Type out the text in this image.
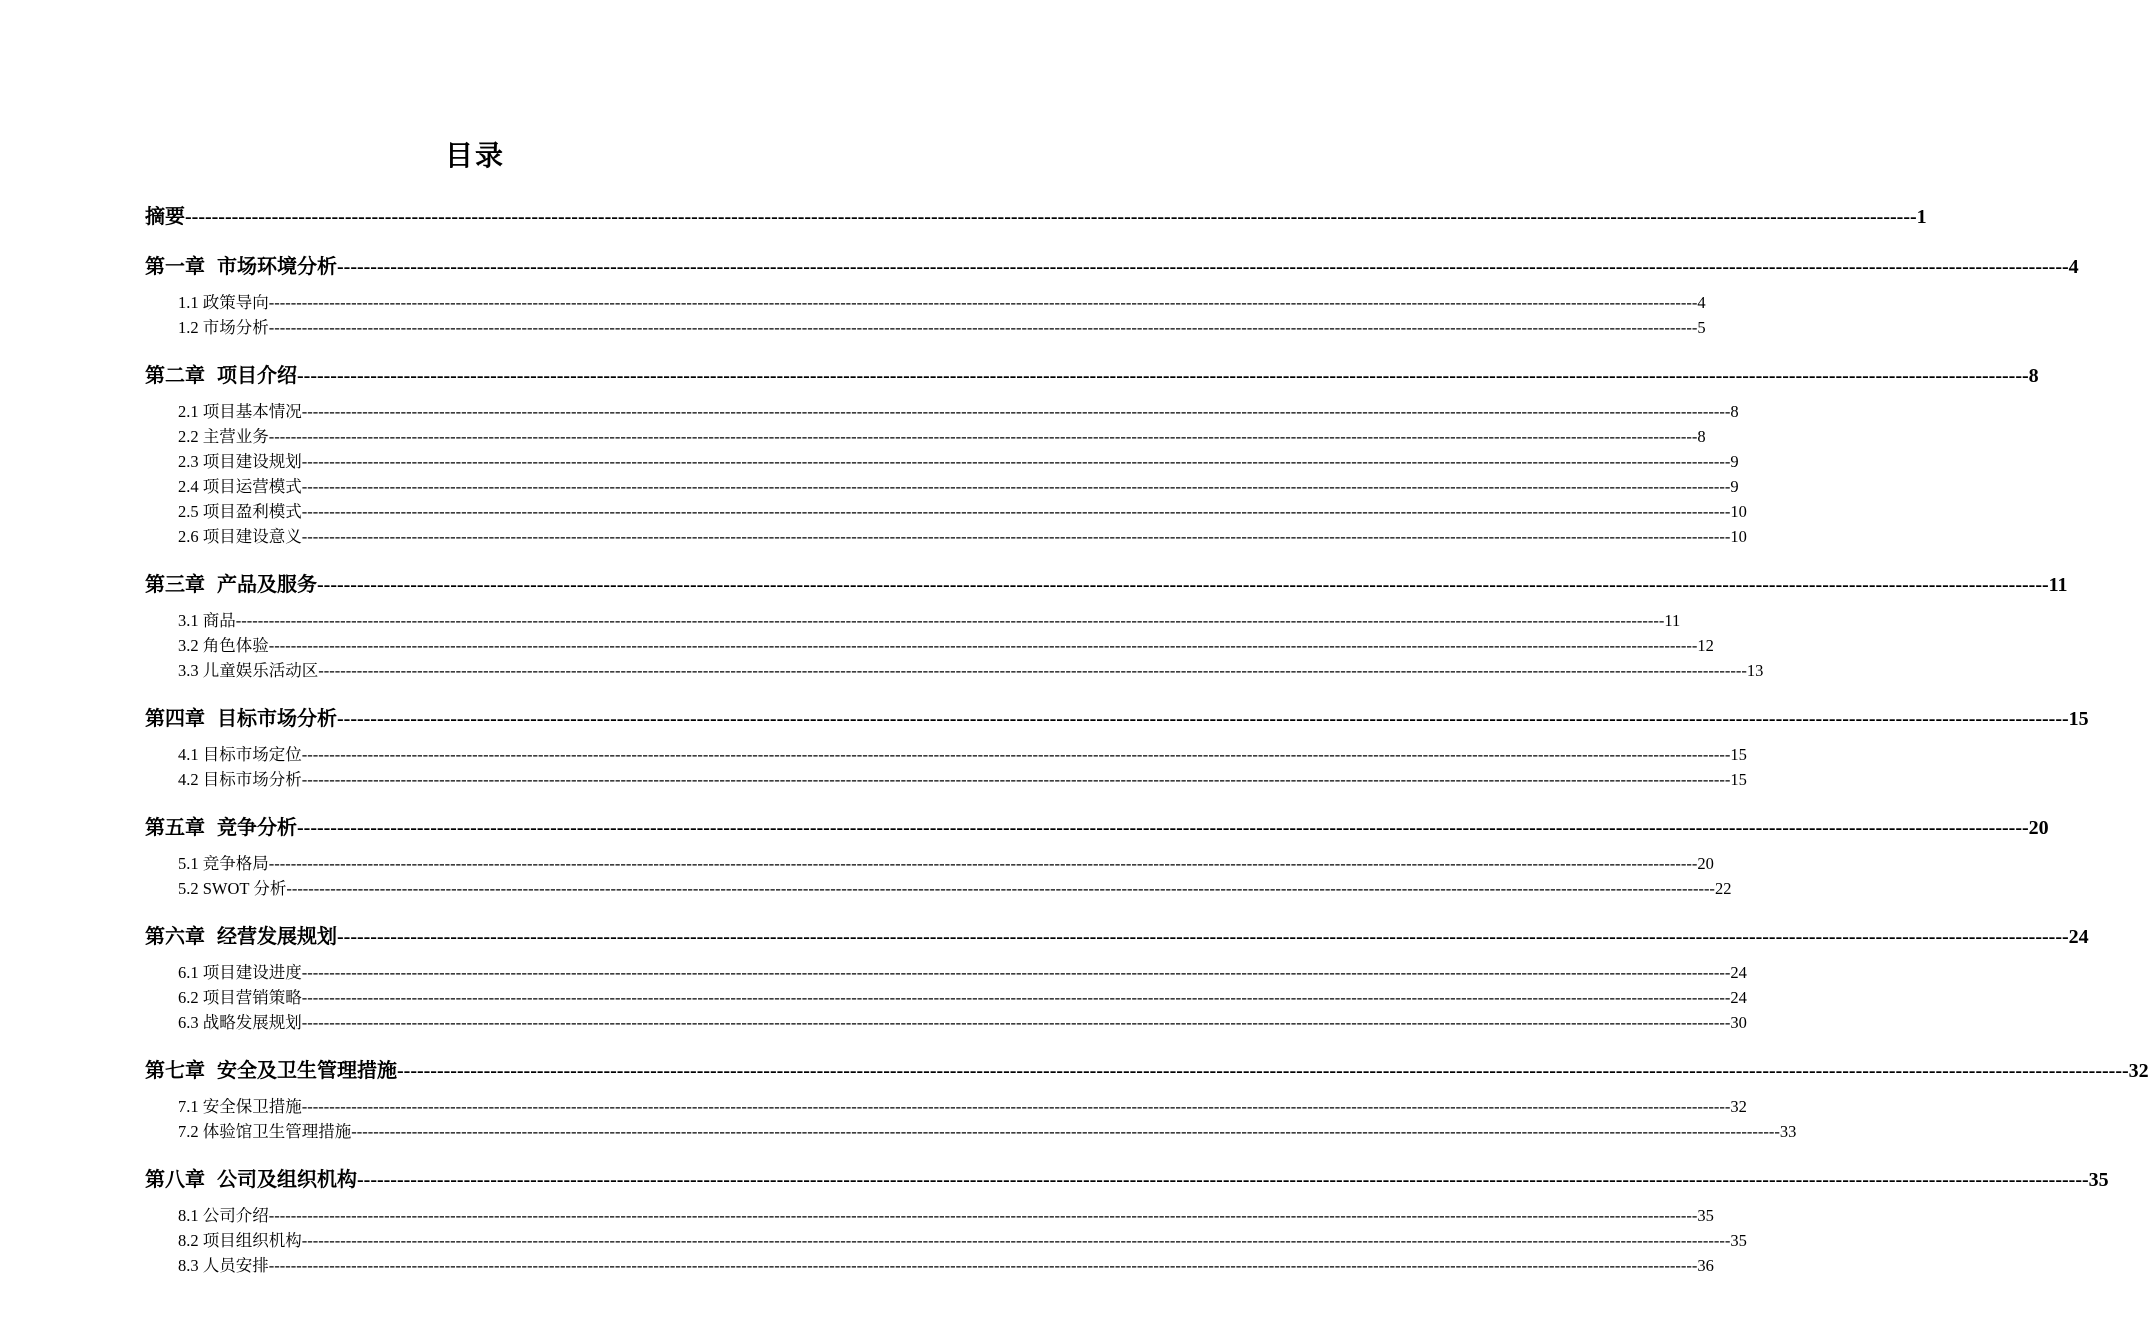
目录
摘要 -------------------------------------------------------------------------------------------------------------------------------------------------------------------------------------------------------------------------------------------------------------------- 1
第一章 市场环境分析 -------------------------------------------------------------------------------------------------------------------------------------------------------------------------------------------------------------------------------------------------------------------- 4
1.1 政策导向 -------------------------------------------------------------------------------------------------------------------------------------------------------------------------------------------------------------------------------------------------------------------- 4
1.2 市场分析 -------------------------------------------------------------------------------------------------------------------------------------------------------------------------------------------------------------------------------------------------------------------- 5
第二章 项目介绍 -------------------------------------------------------------------------------------------------------------------------------------------------------------------------------------------------------------------------------------------------------------------- 8
2.1 项目基本情况 -------------------------------------------------------------------------------------------------------------------------------------------------------------------------------------------------------------------------------------------------------------------- 8
2.2 主营业务 -------------------------------------------------------------------------------------------------------------------------------------------------------------------------------------------------------------------------------------------------------------------- 8
2.3 项目建设规划 -------------------------------------------------------------------------------------------------------------------------------------------------------------------------------------------------------------------------------------------------------------------- 9
2.4 项目运营模式 -------------------------------------------------------------------------------------------------------------------------------------------------------------------------------------------------------------------------------------------------------------------- 9
2.5 项目盈利模式 -------------------------------------------------------------------------------------------------------------------------------------------------------------------------------------------------------------------------------------------------------------------- 10
2.6 项目建设意义 -------------------------------------------------------------------------------------------------------------------------------------------------------------------------------------------------------------------------------------------------------------------- 10
第三章 产品及服务 -------------------------------------------------------------------------------------------------------------------------------------------------------------------------------------------------------------------------------------------------------------------- 11
3.1 商品 -------------------------------------------------------------------------------------------------------------------------------------------------------------------------------------------------------------------------------------------------------------------- 11
3.2 角色体验 -------------------------------------------------------------------------------------------------------------------------------------------------------------------------------------------------------------------------------------------------------------------- 12
3.3 儿童娱乐活动区 -------------------------------------------------------------------------------------------------------------------------------------------------------------------------------------------------------------------------------------------------------------------- 13
第四章 目标市场分析 -------------------------------------------------------------------------------------------------------------------------------------------------------------------------------------------------------------------------------------------------------------------- 15
4.1 目标市场定位 -------------------------------------------------------------------------------------------------------------------------------------------------------------------------------------------------------------------------------------------------------------------- 15
4.2 目标市场分析 -------------------------------------------------------------------------------------------------------------------------------------------------------------------------------------------------------------------------------------------------------------------- 15
第五章 竞争分析 -------------------------------------------------------------------------------------------------------------------------------------------------------------------------------------------------------------------------------------------------------------------- 20
5.1 竞争格局 -------------------------------------------------------------------------------------------------------------------------------------------------------------------------------------------------------------------------------------------------------------------- 20
5.2 SWOT 分析 -------------------------------------------------------------------------------------------------------------------------------------------------------------------------------------------------------------------------------------------------------------------- 22
第六章 经营发展规划 -------------------------------------------------------------------------------------------------------------------------------------------------------------------------------------------------------------------------------------------------------------------- 24
6.1 项目建设进度 -------------------------------------------------------------------------------------------------------------------------------------------------------------------------------------------------------------------------------------------------------------------- 24
6.2 项目营销策略 -------------------------------------------------------------------------------------------------------------------------------------------------------------------------------------------------------------------------------------------------------------------- 24
6.3 战略发展规划 -------------------------------------------------------------------------------------------------------------------------------------------------------------------------------------------------------------------------------------------------------------------- 30
第七章 安全及卫生管理措施 -------------------------------------------------------------------------------------------------------------------------------------------------------------------------------------------------------------------------------------------------------------------- 32
7.1 安全保卫措施 -------------------------------------------------------------------------------------------------------------------------------------------------------------------------------------------------------------------------------------------------------------------- 32
7.2 体验馆卫生管理措施 -------------------------------------------------------------------------------------------------------------------------------------------------------------------------------------------------------------------------------------------------------------------- 33
第八章 公司及组织机构 -------------------------------------------------------------------------------------------------------------------------------------------------------------------------------------------------------------------------------------------------------------------- 35
8.1 公司介绍 -------------------------------------------------------------------------------------------------------------------------------------------------------------------------------------------------------------------------------------------------------------------- 35
8.2 项目组织机构 -------------------------------------------------------------------------------------------------------------------------------------------------------------------------------------------------------------------------------------------------------------------- 35
8.3 人员安排 -------------------------------------------------------------------------------------------------------------------------------------------------------------------------------------------------------------------------------------------------------------------- 36
